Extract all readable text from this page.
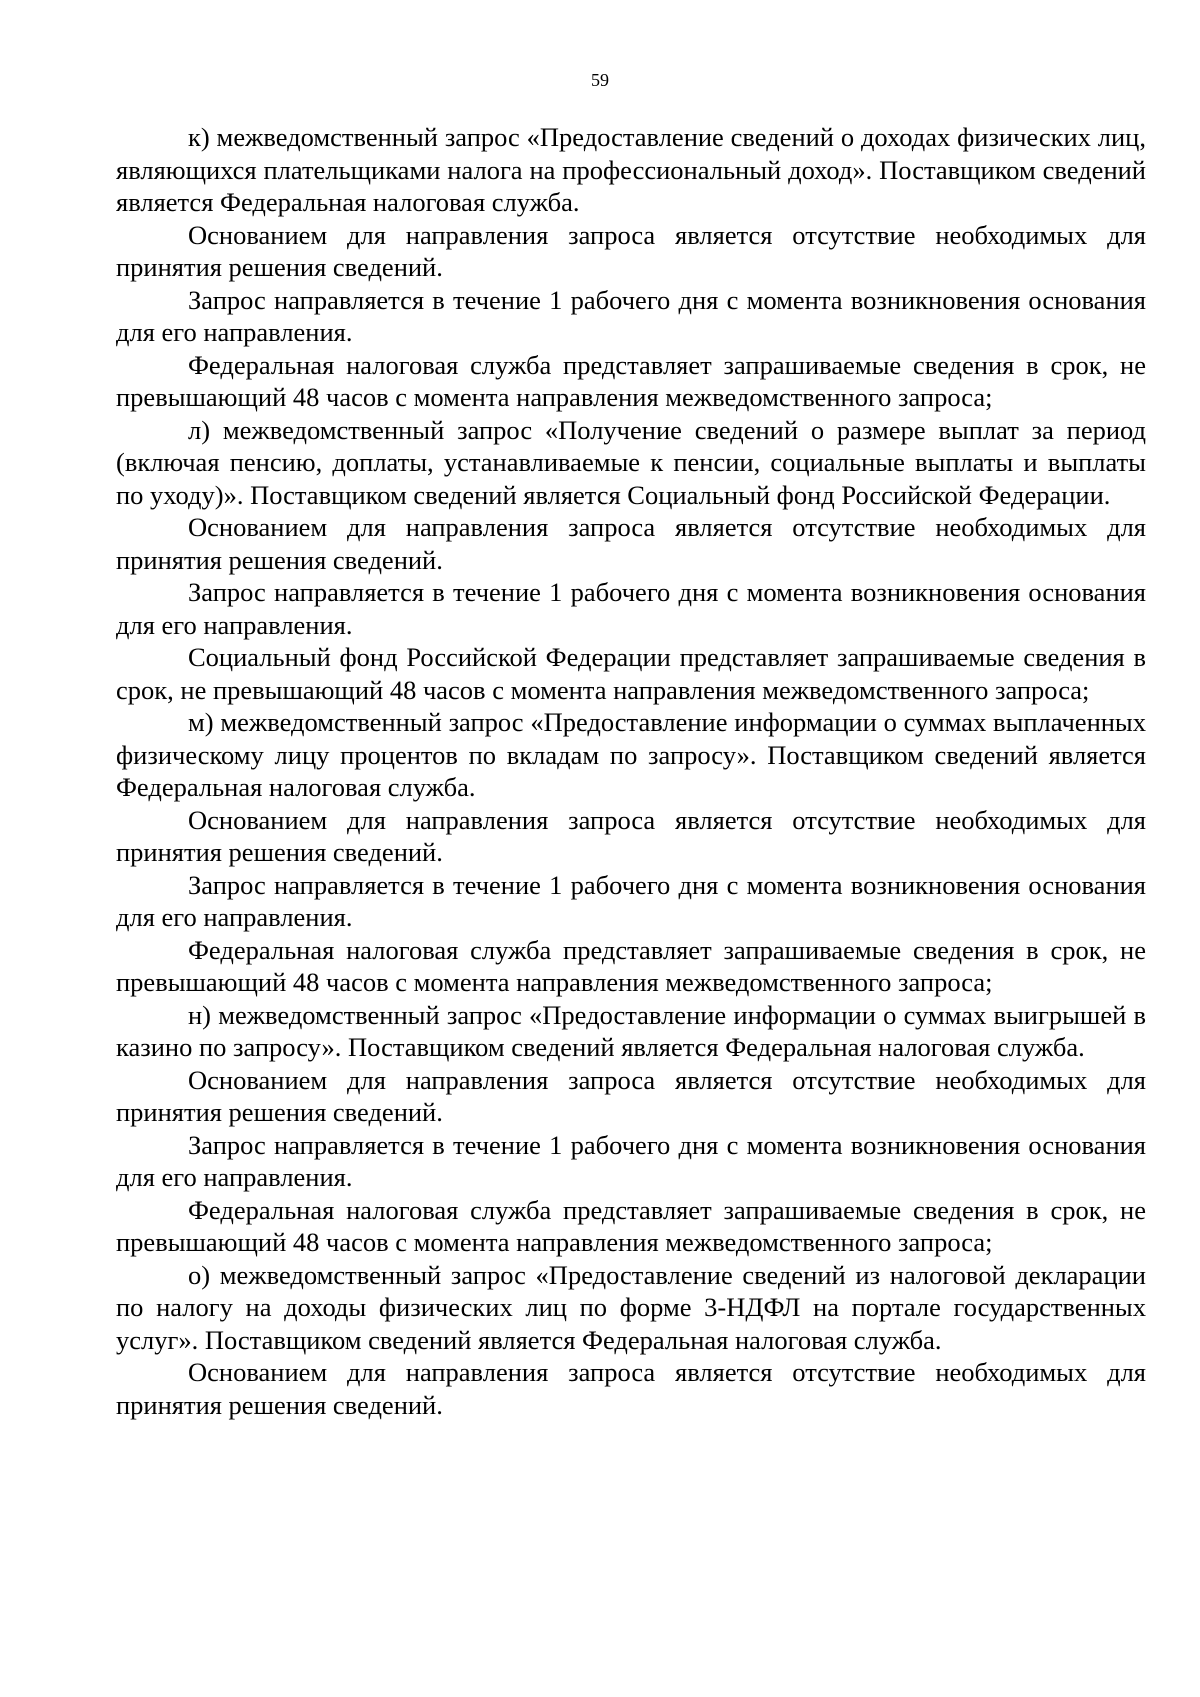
59

к) межведомственный запрос «Предоставление сведений о доходах физических лиц, являющихся плательщиками налога на профессиональный доход». Поставщиком сведений является Федеральная налоговая служба.

Основанием для направления запроса является отсутствие необходимых для принятия решения сведений.

Запрос направляется в течение 1 рабочего дня с момента возникновения основания для его направления.

Федеральная налоговая служба представляет запрашиваемые сведения в срок, не превышающий 48 часов с момента направления межведомственного запроса;

л) межведомственный запрос «Получение сведений о размере выплат за период (включая пенсию, доплаты, устанавливаемые к пенсии, социальные выплаты и выплаты по уходу)». Поставщиком сведений является Социальный фонд Российской Федерации.

Основанием для направления запроса является отсутствие необходимых для принятия решения сведений.

Запрос направляется в течение 1 рабочего дня с момента возникновения основания для его направления.

Социальный фонд Российской Федерации представляет запрашиваемые сведения в срок, не превышающий 48 часов с момента направления межведомственного запроса;

м) межведомственный запрос «Предоставление информации о суммах выплаченных физическому лицу процентов по вкладам по запросу». Поставщиком сведений является Федеральная налоговая служба.

Основанием для направления запроса является отсутствие необходимых для принятия решения сведений.

Запрос направляется в течение 1 рабочего дня с момента возникновения основания для его направления.

Федеральная налоговая служба представляет запрашиваемые сведения в срок, не превышающий 48 часов с момента направления межведомственного запроса;

н) межведомственный запрос «Предоставление информации о суммах выигрышей в казино по запросу». Поставщиком сведений является Федеральная налоговая служба.

Основанием для направления запроса является отсутствие необходимых для принятия решения сведений.

Запрос направляется в течение 1 рабочего дня с момента возникновения основания для его направления.

Федеральная налоговая служба представляет запрашиваемые сведения в срок, не превышающий 48 часов с момента направления межведомственного запроса;

о) межведомственный запрос «Предоставление сведений из налоговой декларации по налогу на доходы физических лиц по форме 3-НДФЛ на портале государственных услуг». Поставщиком сведений является Федеральная налоговая служба.

Основанием для направления запроса является отсутствие необходимых для принятия решения сведений.
